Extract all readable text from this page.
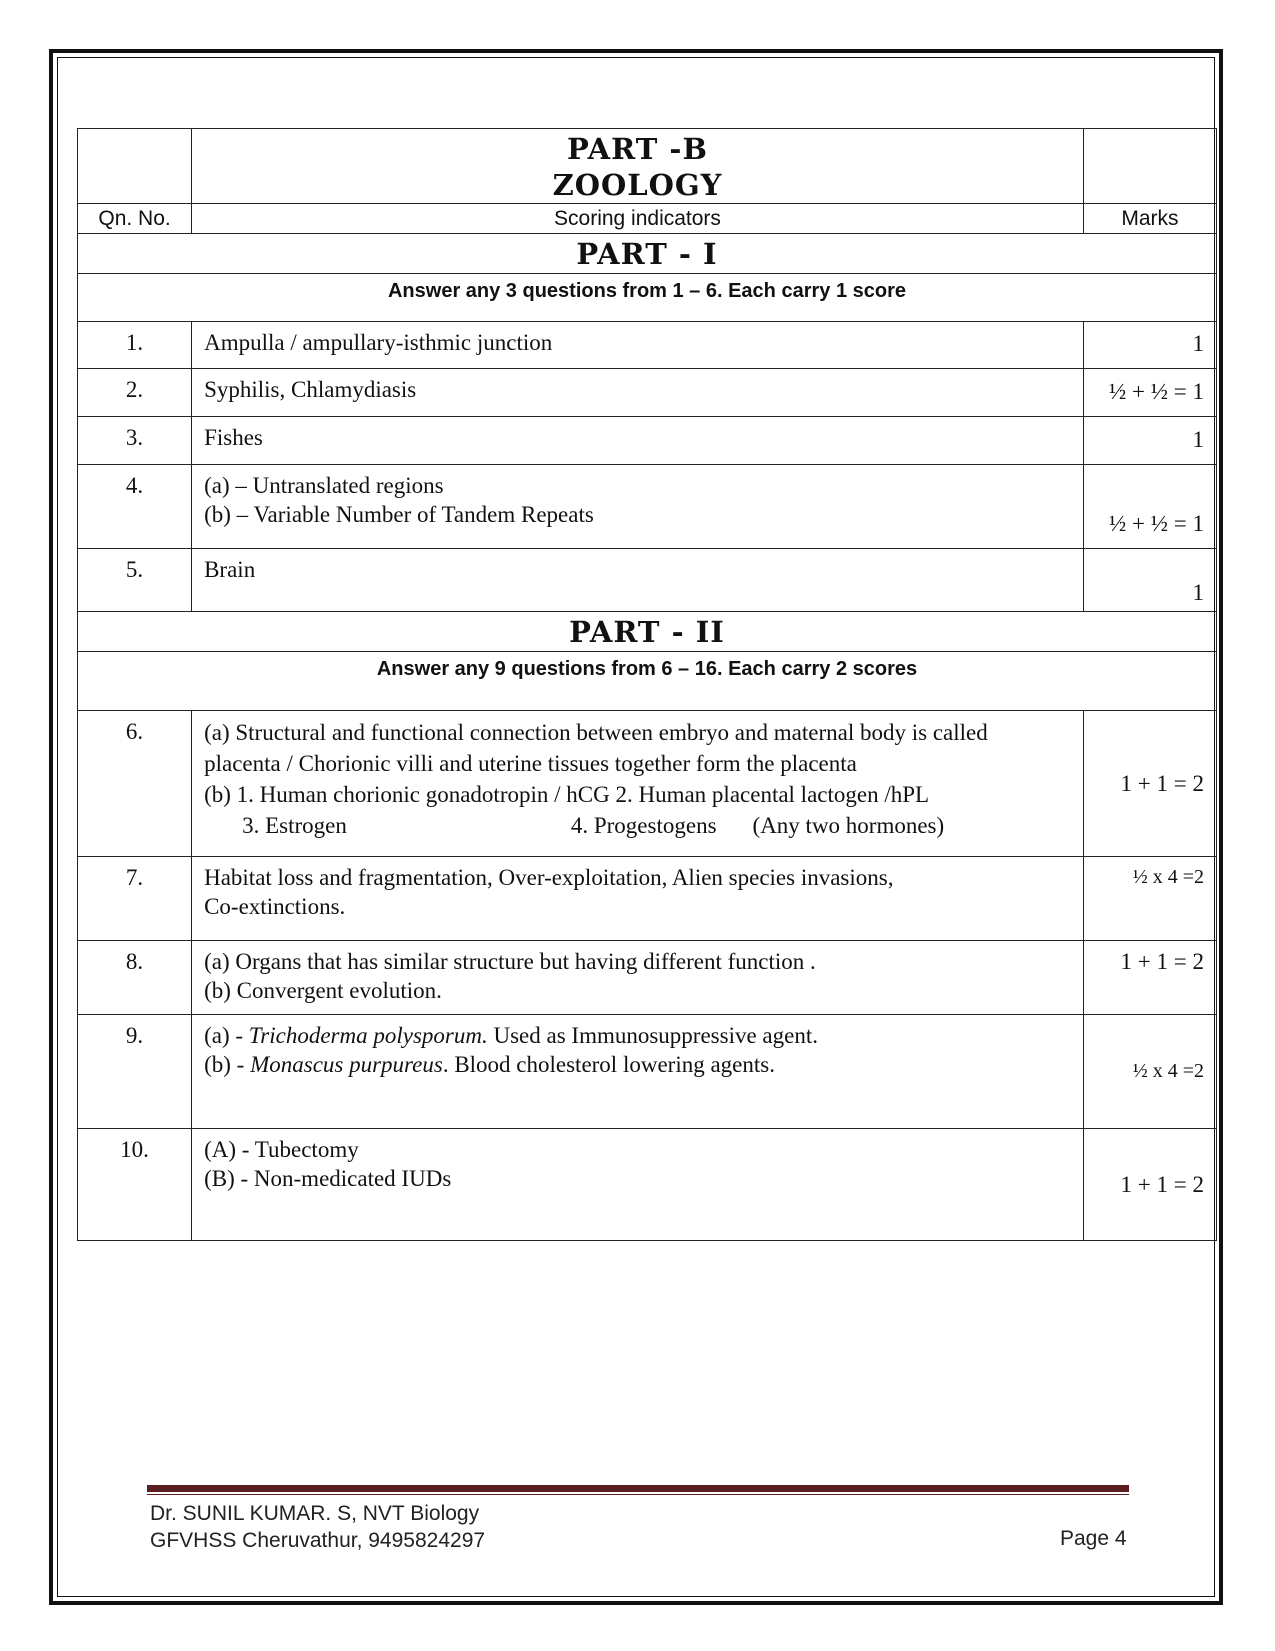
	PART -B
ZOOLOGY	

Qn. No.	Scoring indicators	Marks
PART - I		
Answer any 3 questions from 1 – 6. Each carry 1 score		
1.	Ampulla / ampullary-isthmic junction	1
2.	Syphilis, Chlamydiasis	½ + ½ = 1
3.	Fishes	1
4.	(a) – Untranslated regions
(b) – Variable Number of Tandem Repeats	½ + ½ = 1
5.	Brain	1
PART - II		
Answer any 9 questions from 6 – 16. Each carry 2 scores		
6.	(a) Structural and functional connection between embryo and maternal body is called
placenta / Chorionic villi and uterine tissues together form the placenta
(b) 1. Human chorionic gonadotropin / hCG 2. Human placental lactogen /hPL
3. Estrogen 4. Progestogens (Any two hormones)	1 + 1 = 2
7.	Habitat loss and fragmentation, Over-exploitation, Alien species invasions,
Co-extinctions.	½ x 4 =2
8.	(a) Organs that has similar structure but having different function .
(b) Convergent evolution.	1 + 1 = 2
9.	(a) - Trichoderma polysporum. Used as Immunosuppressive agent.
(b) - Monascus purpureus. Blood cholesterol lowering agents.	½ x 4 =2
10.	(A) - Tubectomy
(B) - Non-medicated IUDs	1 + 1 = 2
Dr. SUNIL KUMAR. S, NVT Biology
GFVHSS Cheruvathur, 9495824297	Page 4
